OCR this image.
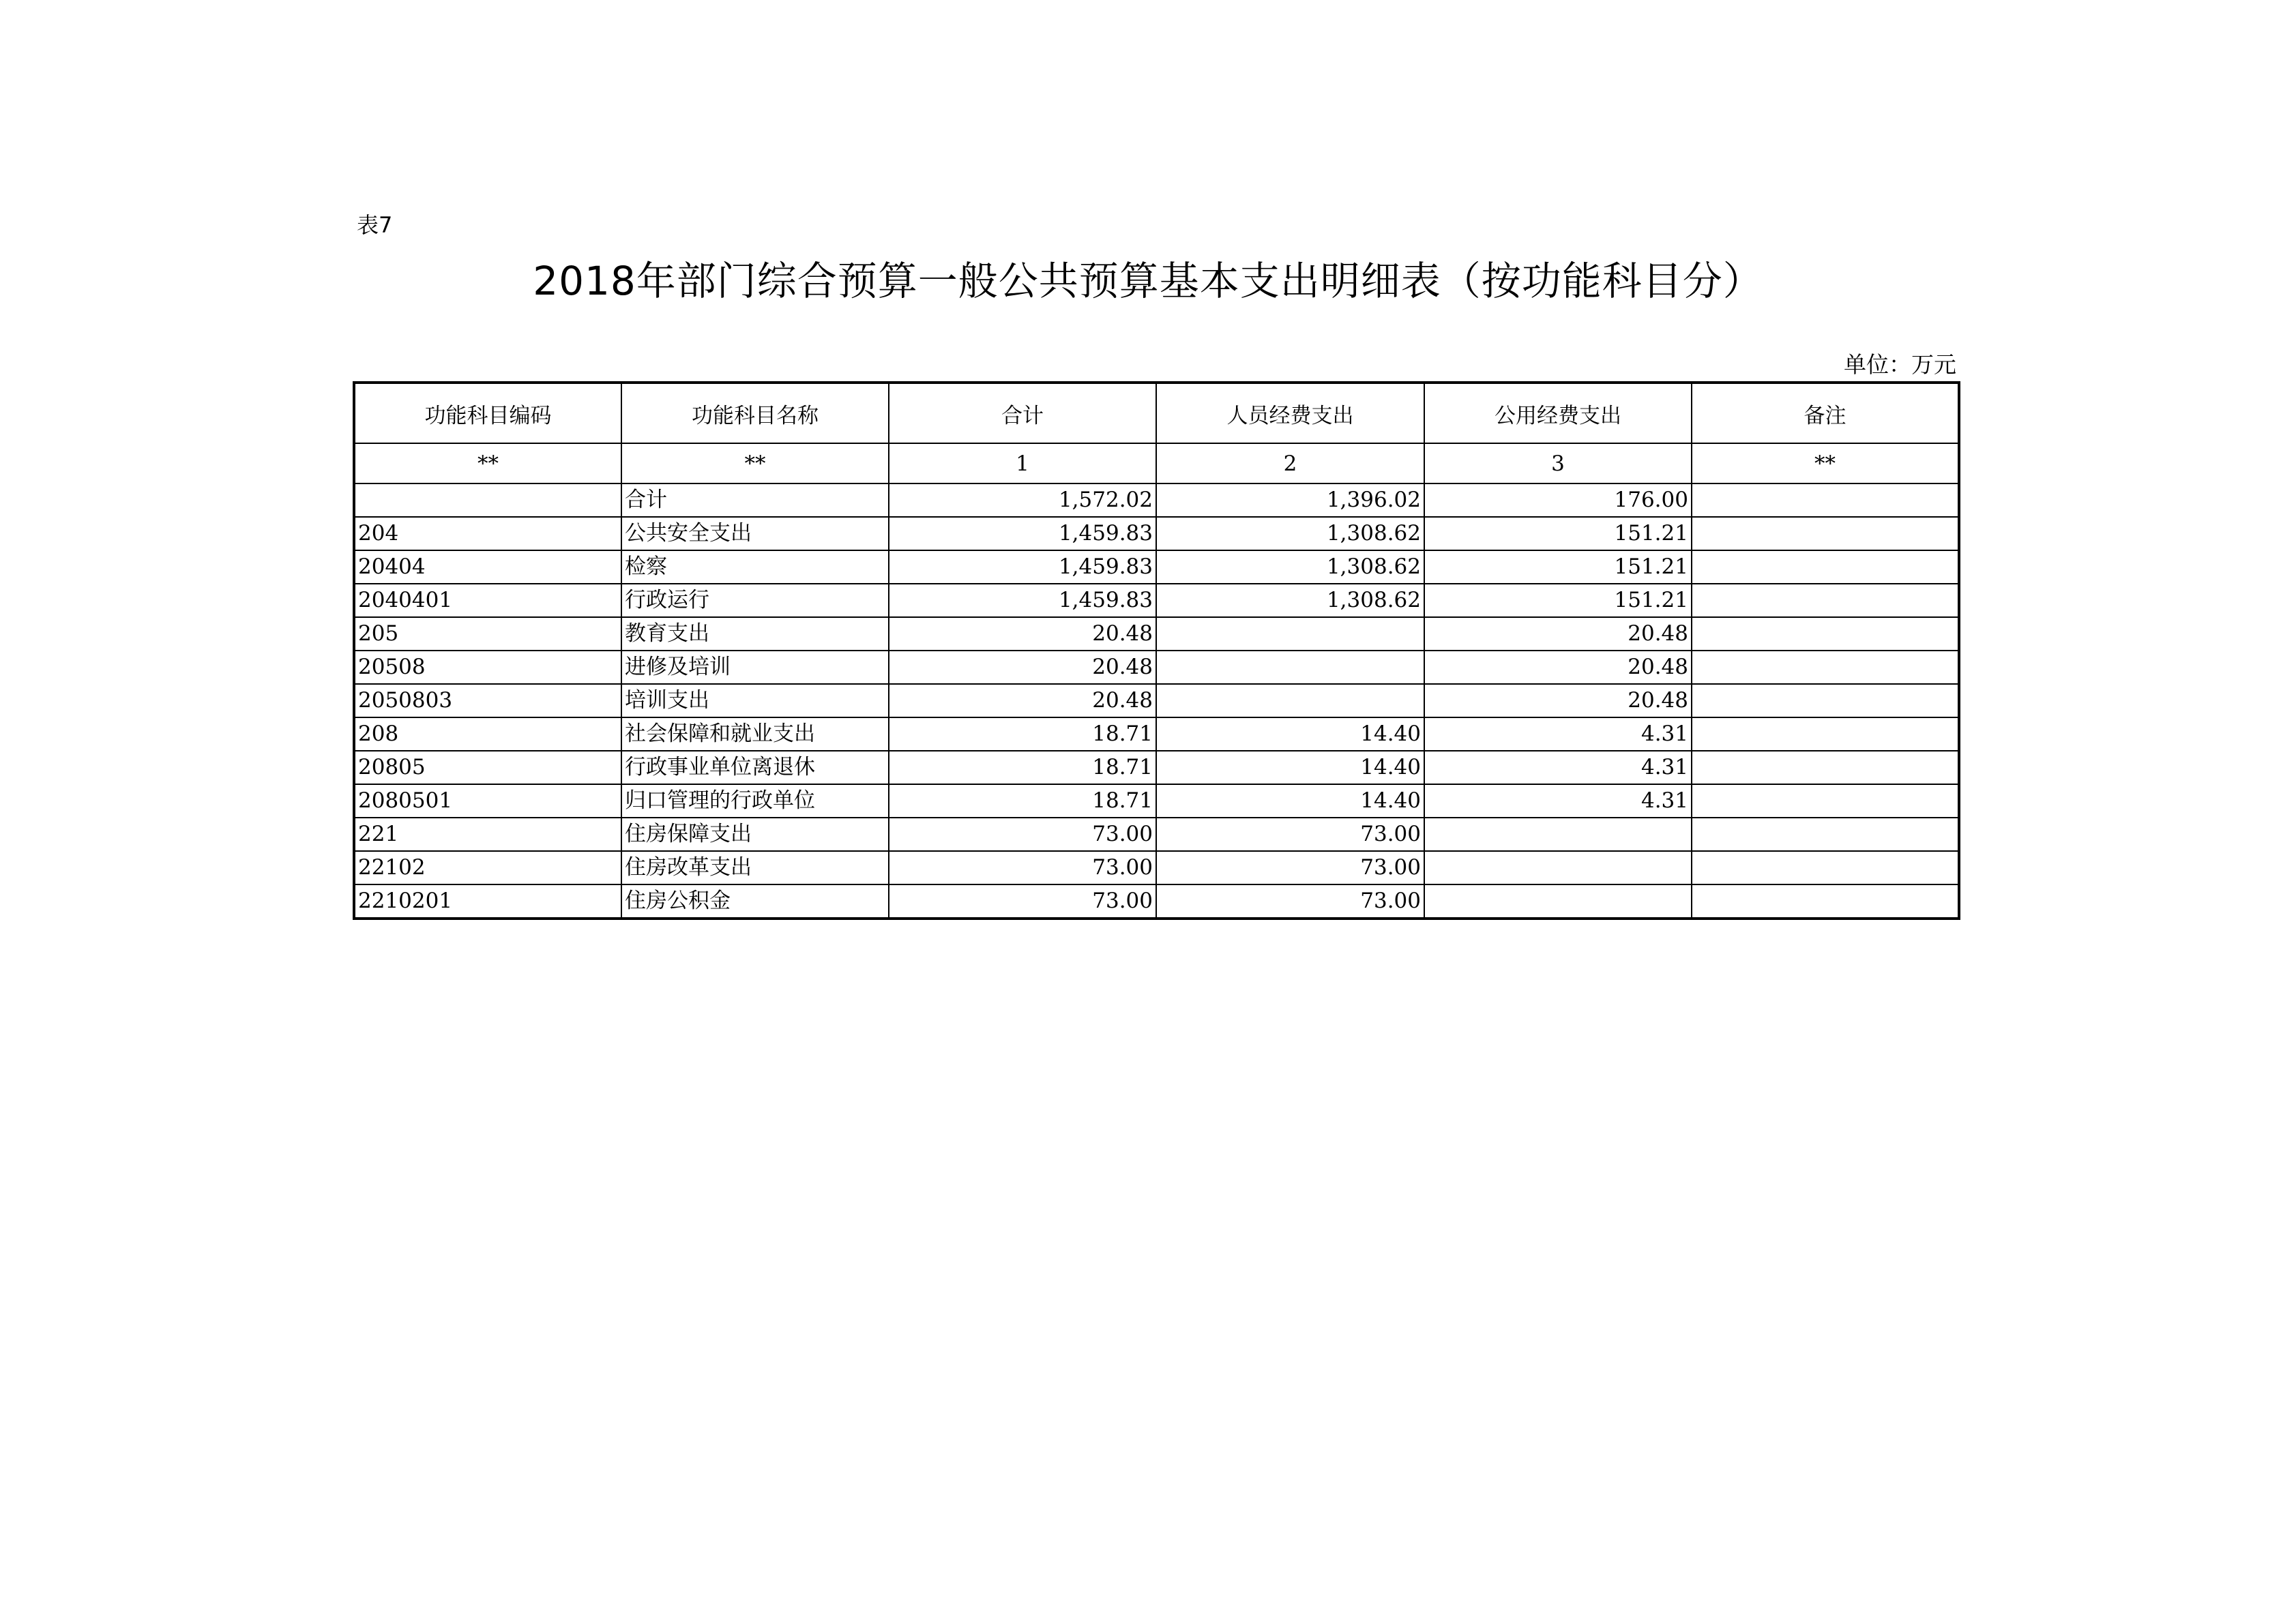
表7
2018年部门综合预算一般公共预算基本支出明细表（按功能科目分）
单位：万元
功能科目编码	功能科目名称	合计	人员经费支出	公用经费支出	备注
**	**	1	2	3	**
	合计	1,572.02	1,396.02	176.00	
204	公共安全支出	1,459.83	1,308.62	151.21	
20404	检察	1,459.83	1,308.62	151.21	
2040401	行政运行	1,459.83	1,308.62	151.21	
205	教育支出	20.48		20.48	
20508	进修及培训	20.48		20.48	
2050803	培训支出	20.48		20.48	
208	社会保障和就业支出	18.71	14.40	4.31	
20805	行政事业单位离退休	18.71	14.40	4.31	
2080501	归口管理的行政单位	18.71	14.40	4.31	
221	住房保障支出	73.00	73.00		
22102	住房改革支出	73.00	73.00		
2210201	住房公积金	73.00	73.00		
